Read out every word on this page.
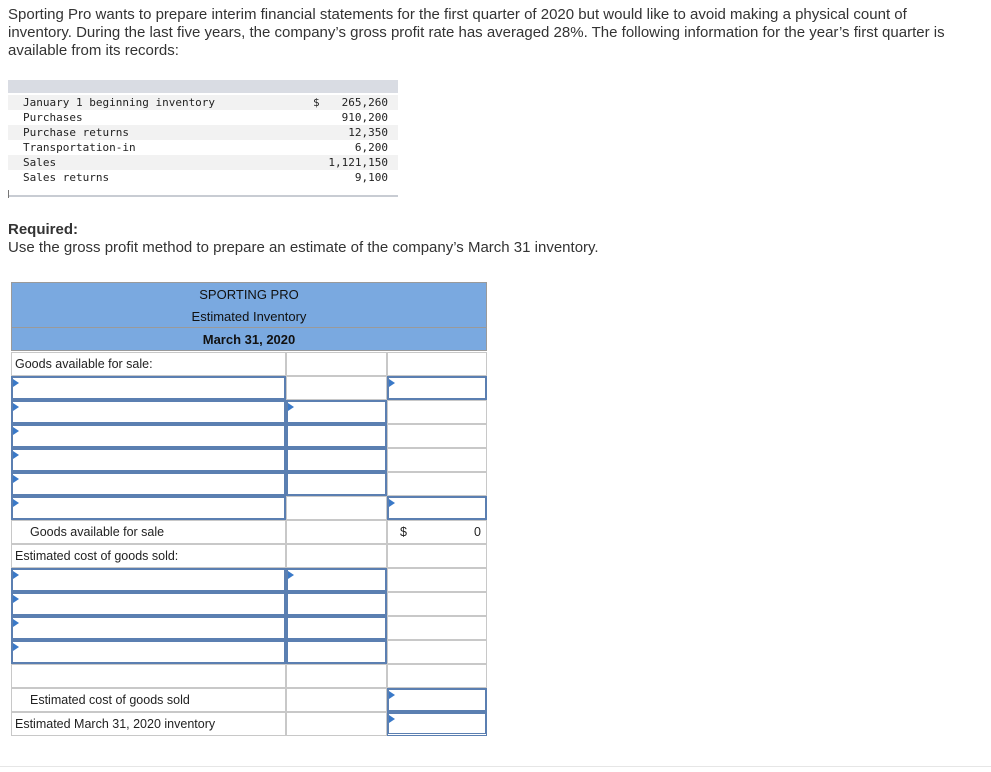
Sporting Pro wants to prepare interim financial statements for the first quarter of 2020 but would like to avoid making a physical count of inventory. During the last five years, the company’s gross profit rate has averaged 28%. The following information for the year’s first quarter is available from its records:
January 1 beginning inventory	$ 265,260
Purchases	910,200
Purchase returns	12,350
Transportation-in	6,200
Sales	1,121,150
Sales returns	9,100
Required:
Use the gross profit method to prepare an estimate of the company’s March 31 inventory.
SPORTING PRO
Estimated Inventory
March 31, 2020
Goods available for sale:
Goods available for sale	$	0
Estimated cost of goods sold:
Estimated cost of goods sold
Estimated March 31, 2020 inventory
